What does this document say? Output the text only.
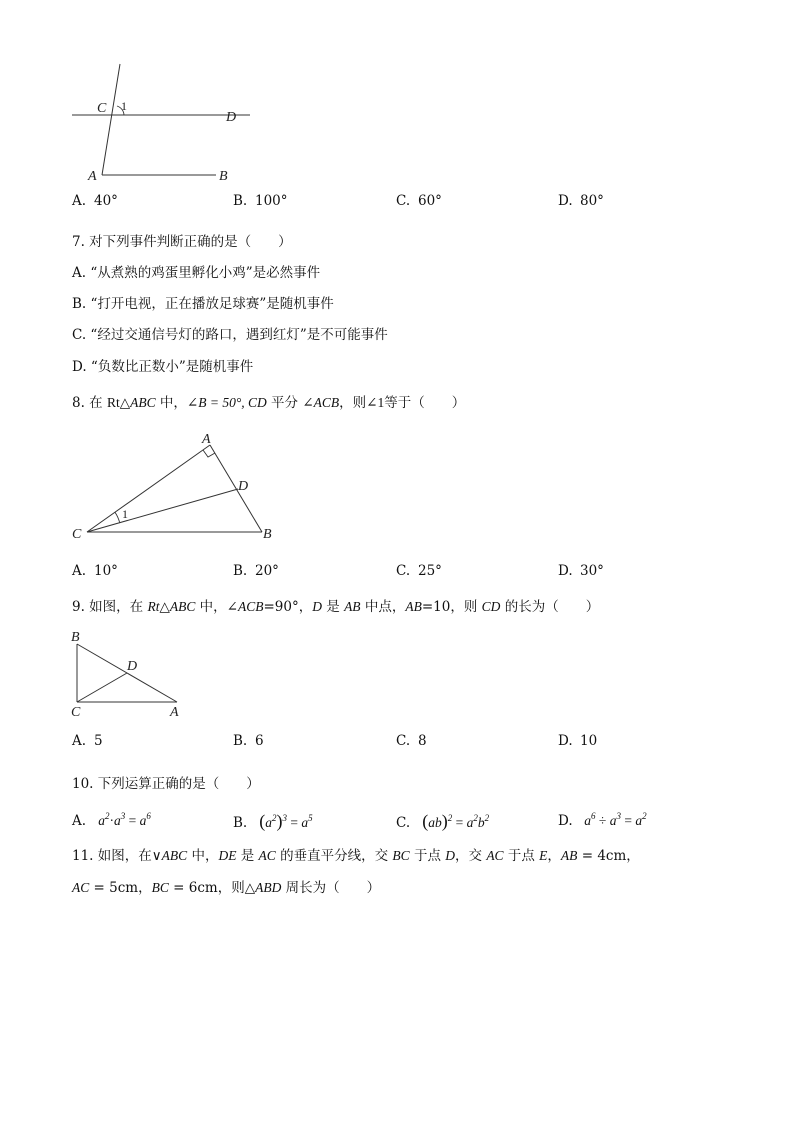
C 1
D
A	B
A. 40°	B. 100°	C. 60°	D. 80°
7. 对下列事件判断正确的是（　　）
A. “从煮熟的鸡蛋里孵化小鸡”是必然事件
B. “打开电视，正在播放足球赛”是随机事件
C. “经过交通信号灯的路口，遇到红灯”是不可能事件
D. “负数比正数小”是随机事件
8. 在 Rt△ABC 中，∠B = 50°, CD 平分 ∠ACB，则∠1等于（　　）
A
D
1
C	B
A. 10°	B. 20°	C. 25°	D. 30°
9. 如图，在 Rt△ABC 中，∠ACB=90°，D 是 AB 中点，AB=10，则 CD 的长为（　　）
B
D
C	A
A. 5	B. 6	C. 8	D. 10
10. 下列运算正确的是（　　）
A. $a^2\cdot a^3 = a^6$	B. $(a^2)^3 = a^5$	C. $(ab)^2 = a^2b^2$	D. $a^6 \div a^3 = a^2$
11. 如图，在∨ABC 中，DE 是 AC 的垂直平分线，交 BC 于点 D，交 AC 于点 E，AB = 4cm，
AC = 5cm，BC = 6cm，则△ABD 周长为（　　）
